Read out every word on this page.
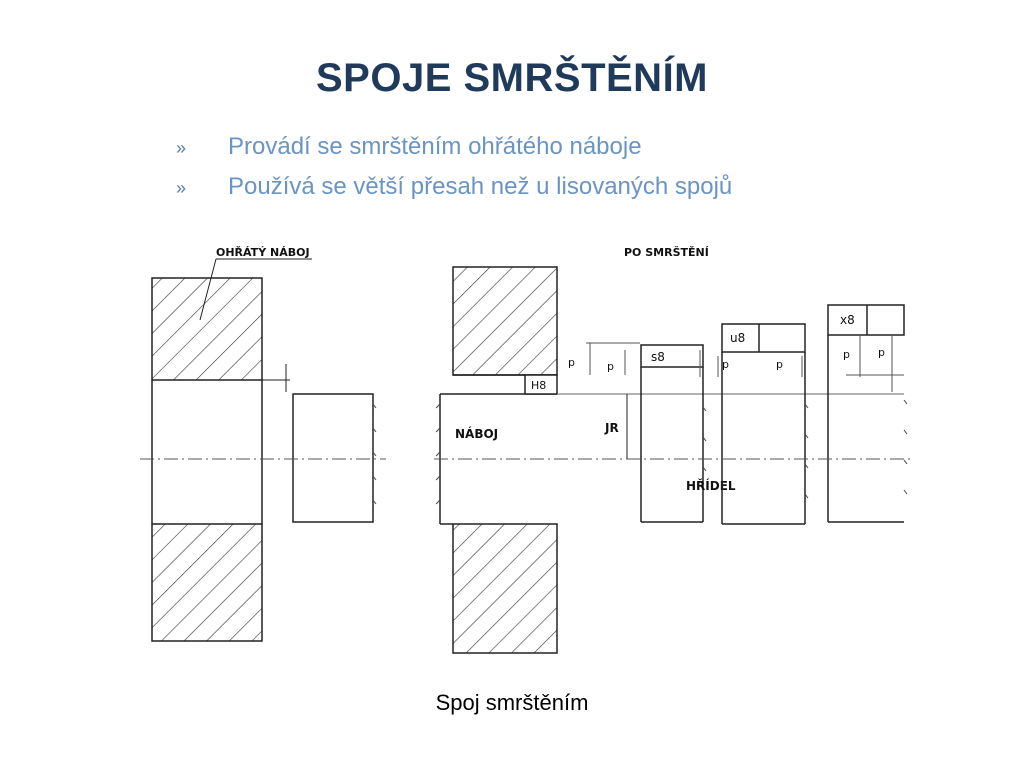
SPOJE SMRŠTĚNÍM
»	Provádí se smrštěním ohřátého náboje
»	Používá se větší přesah než u lisovaných spojů
OHŘÁTÝ NÁBOJ	PO SMRŠTĚNÍ
H8
NÁBOJ	JR
p	p
s8
HŘÍDEL
u8
p	p
x8
p	p
Spoj smrštěním
